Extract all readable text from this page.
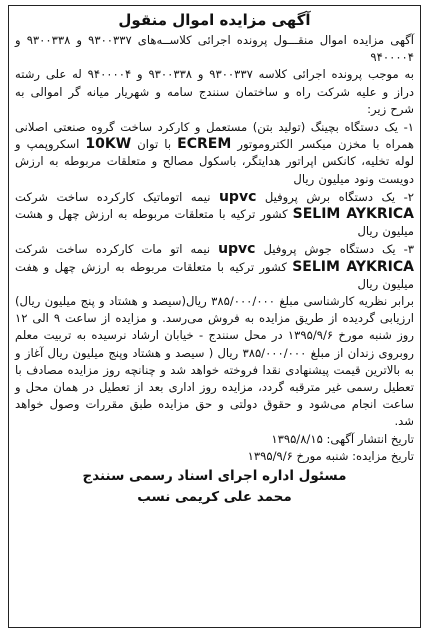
آگهی مزایده اموال منقول

آگهی مزایده اموال منقـــول پرونده اجرائی کلاســه‌های ۹۳۰۰۳۳۷ و ۹۳۰۰۳۳۸ و ۹۴۰۰۰۰۴

به موجب پرونده اجرائی کلاسه ۹۳۰۰۳۳۷ و ۹۳۰۰۳۳۸ و ۹۴۰۰۰۰۴ له علی رشته دراز و علیه شرکت راه و ساختمان سنندج سامه و شهریار میانه گر اموالی به شرح زیر:

۱- یک دستگاه بچینگ (تولید بتن) مستعمل و کارکرد ساخت گروه صنعتی اصلانی همراه با مخزن میکسر الکتروموتور ECREM با توان 10KW اسکروپمپ و لوله تخلیه، کانکس اپراتور هدایتگر، باسکول مصالح و متعلقات مربوطه به ارزش دویست ونود میلیون ریال

۲- یک دستگاه برش پروفیل upvc نیمه اتوماتیک کارکرده ساخت شرکت SELIM AYKRICA کشور ترکیه با متعلقات مربوطه به ارزش چهل و هشت میلیون ریال

۳- یک دستگاه جوش پروفیل upvc نیمه اتو مات کارکرده ساخت شرکت SELIM AYKRICA کشور ترکیه با متعلقات مربوطه به ارزش چهل و هفت میلیون ریال

برابر نظریه کارشناسی مبلغ ۳۸۵/۰۰۰/۰۰۰ ریال(سیصد و هشتاد و پنج میلیون ریال) ارزیابی گردیده از طریق مزایده به فروش می‌رسد. و مزایده از ساعت ۹ الی ۱۲ روز شنبه مورخ ۱۳۹۵/۹/۶ در محل سنندج - خیابان ارشاد نرسیده به تربیت معلم روبروی زندان از مبلغ ۳۸۵/۰۰۰/۰۰۰ ریال ( سیصد و هشتاد وپنج میلیون ریال آغاز و به بالاترین قیمت پیشنهادی نقدا فروخته خواهد شد و چنانچه روز مزایده مصادف با تعطیل رسمی غیر مترقبه گردد، مزایده روز اداری بعد از تعطیل در همان محل و ساعت انجام می‌شود و حقوق دولتی و حق مزایده طبق مقررات وصول خواهد شد.

تاریخ انتشار آگهی: ۱۳۹۵/۸/۱۵

تاریخ مزایده: شنبه مورخ ۱۳۹۵/۹/۶

مسئول اداره اجرای اسناد رسمی سنندج

محمد علی کریمی نسب
